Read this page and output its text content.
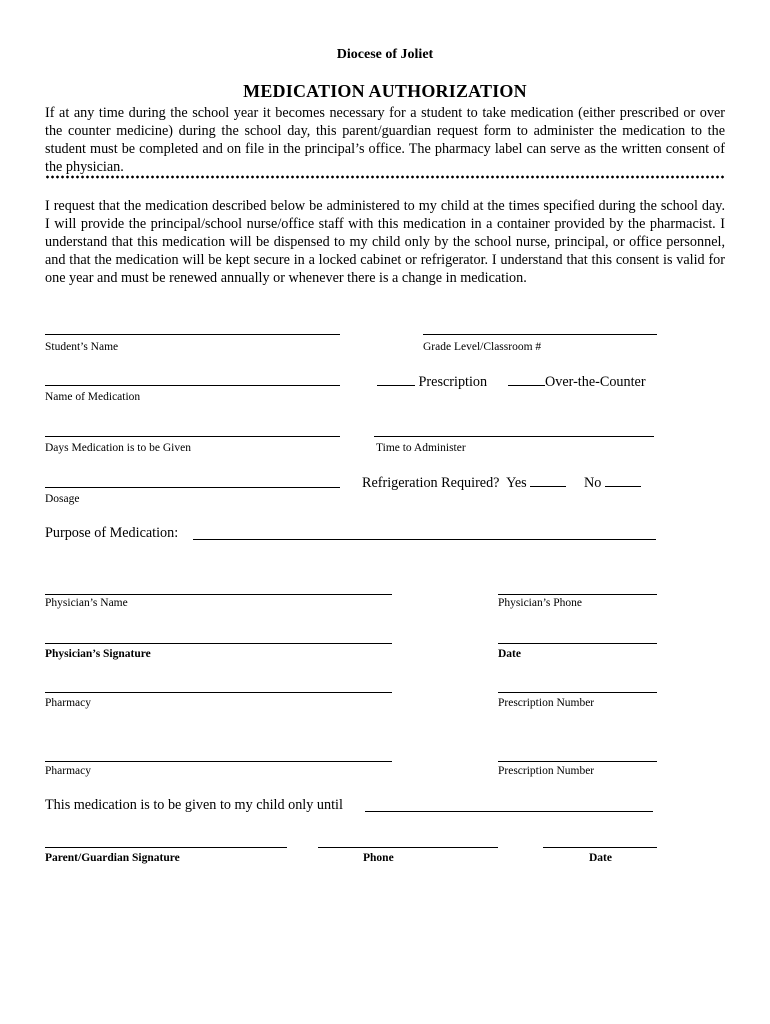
Diocese of Joliet
MEDICATION AUTHORIZATION
If at any time during the school year it becomes necessary for a student to take medication (either prescribed or over the counter medicine) during the school day, this parent/guardian request form to administer the medication to the student must be completed and on file in the principal’s office. The pharmacy label can serve as the written consent of the physician.
I request that the medication described below be administered to my child at the times specified during the school day. I will provide the principal/school nurse/office staff with this medication in a container provided by the pharmacist. I understand that this medication will be dispensed to my child only by the school nurse, principal, or office personnel, and that the medication will be kept secure in a locked cabinet or refrigerator. I understand that this consent is valid for one year and must be renewed annually or whenever there is a change in medication.
Student’s Name	Grade Level/Classroom #
Name of Medication
Prescription	Over-the-Counter
Days Medication is to be Given	Time to Administer
Dosage
Refrigeration Required? Yes	No
Purpose of Medication:
Physician’s Name	Physician’s Phone
Physician’s Signature	Date
Pharmacy	Prescription Number
Pharmacy	Prescription Number
This medication is to be given to my child only until
Parent/Guardian Signature	Phone	Date
